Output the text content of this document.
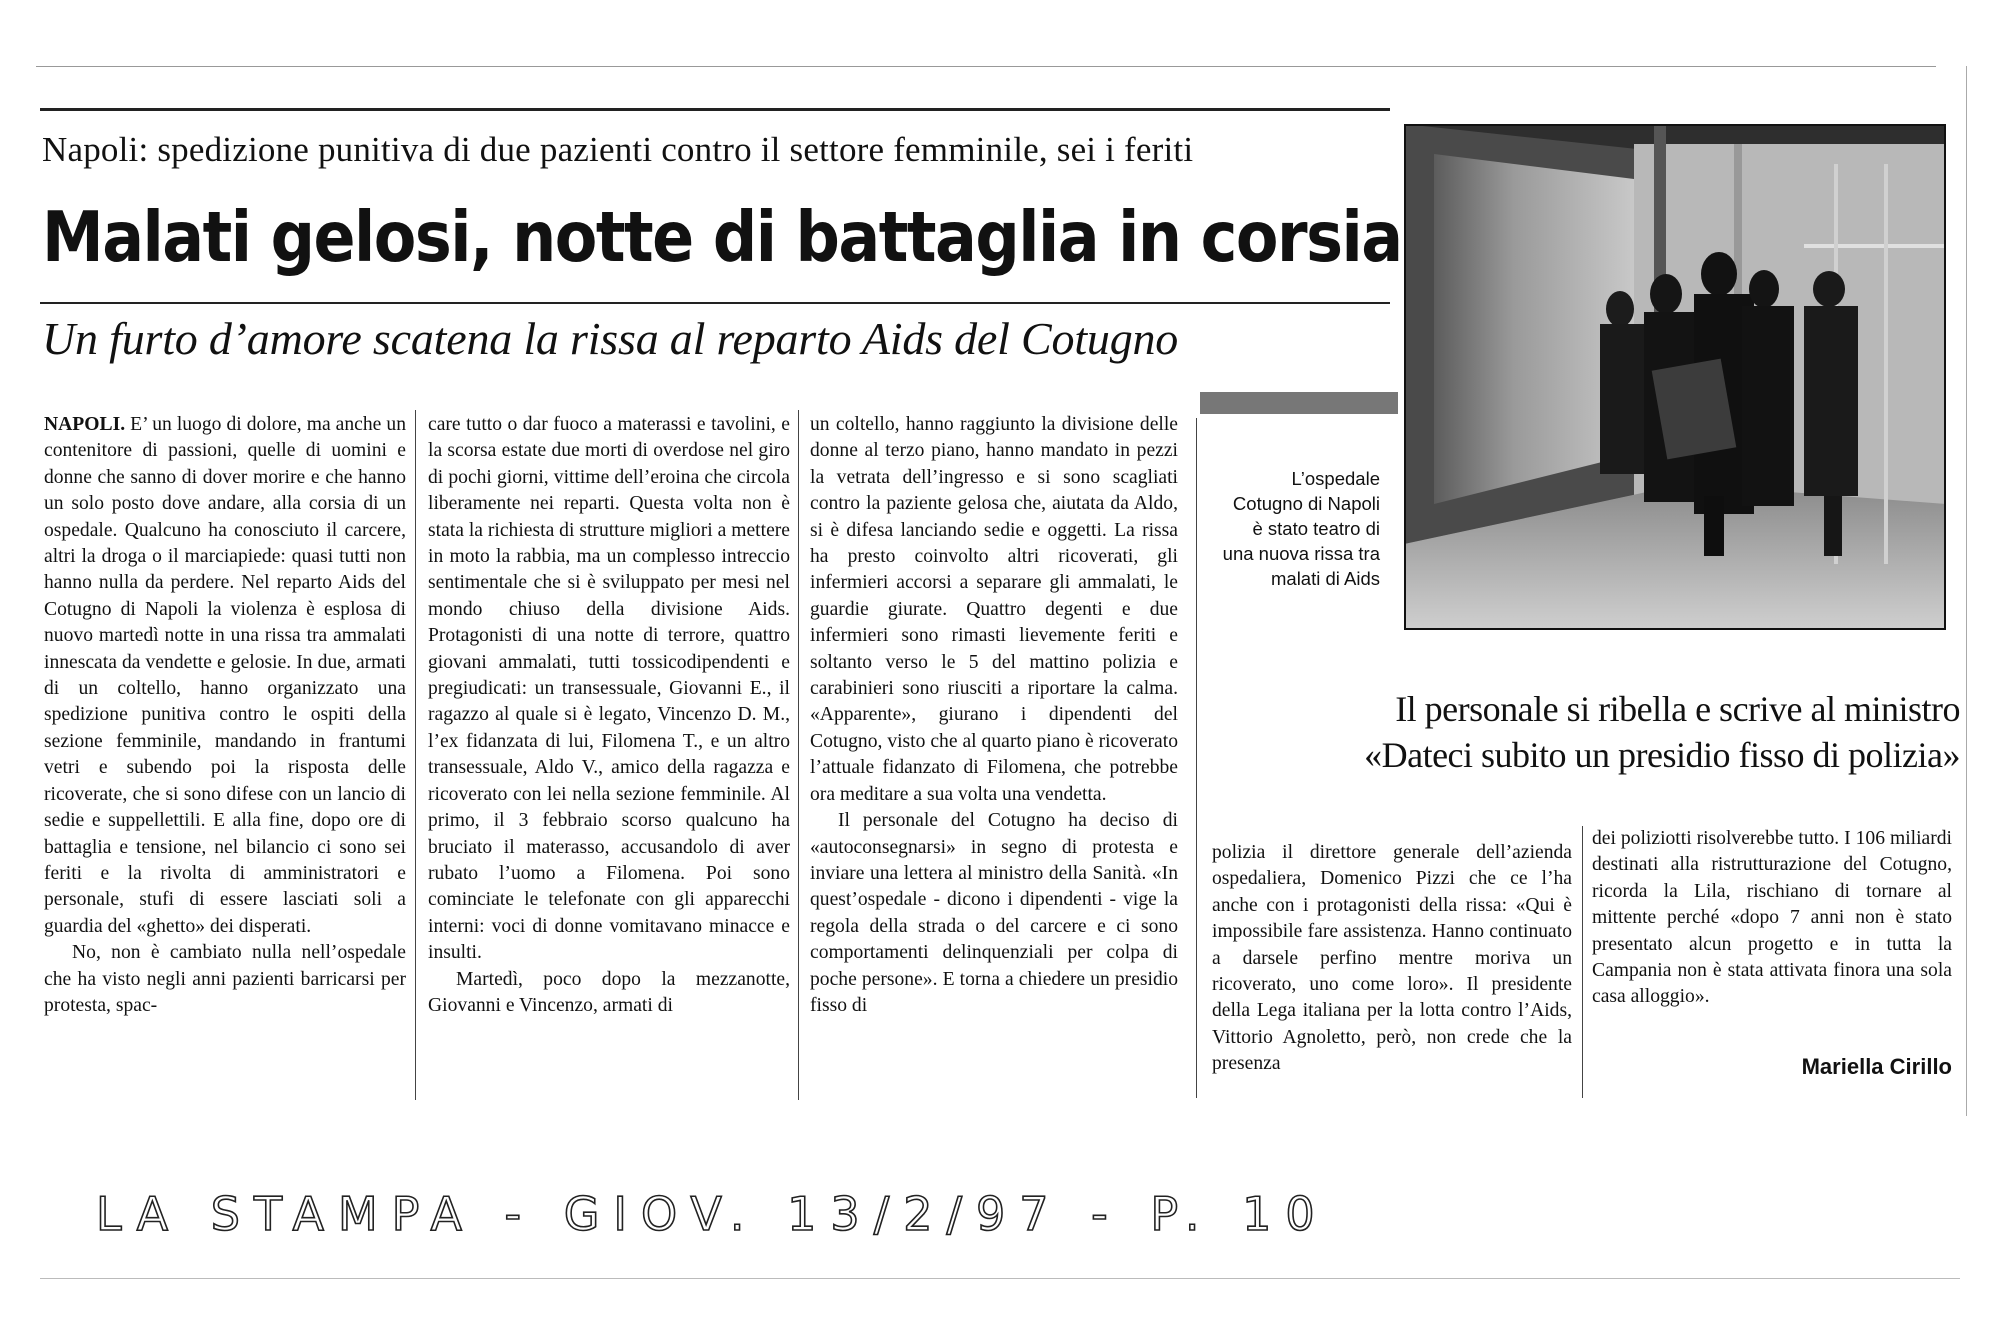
Napoli: spedizione punitiva di due pazienti contro il settore femminile, sei i feriti
Malati gelosi, notte di battaglia in corsia
Un furto d’amore scatena la rissa al reparto Aids del Cotugno

NAPOLI. E’ un luogo di dolore, ma anche un contenitore di passioni, quelle di uomini e donne che sanno di dover morire e che hanno un solo posto dove andare, alla corsia di un ospedale. Qualcuno ha conosciuto il carcere, altri la droga o il marciapiede: quasi tutti non hanno nulla da perdere. Nel reparto Aids del Cotugno di Napoli la violenza è esplosa di nuovo martedì notte in una rissa tra ammalati innescata da vendette e gelosie. In due, armati di un coltello, hanno organizzato una spedizione punitiva contro le ospiti della sezione femminile, mandando in frantumi vetri e subendo poi la risposta delle ricoverate, che si sono difese con un lancio di sedie e suppellettili. E alla fine, dopo ore di battaglia e tensione, nel bilancio ci sono sei feriti e la rivolta di amministratori e personale, stufi di essere lasciati soli a guardia del «ghetto» dei disperati.

No, non è cambiato nulla nell’ospedale che ha visto negli anni pazienti barricarsi per protesta, spac-

care tutto o dar fuoco a materassi e tavolini, e la scorsa estate due morti di overdose nel giro di pochi giorni, vittime dell’eroina che circola liberamente nei reparti. Questa volta non è stata la richiesta di strutture migliori a mettere in moto la rabbia, ma un complesso intreccio sentimentale che si è sviluppato per mesi nel mondo chiuso della divisione Aids. Protagonisti di una notte di terrore, quattro giovani ammalati, tutti tossicodipendenti e pregiudicati: un transessuale, Giovanni E., il ragazzo al quale si è legato, Vincenzo D. M., l’ex fidanzata di lui, Filomena T., e un altro transessuale, Aldo V., amico della ragazza e ricoverato con lei nella sezione femminile. Al primo, il 3 febbraio scorso qualcuno ha bruciato il materasso, accusandolo di aver rubato l’uomo a Filomena. Poi sono cominciate le telefonate con gli apparecchi interni: voci di donne vomitavano minacce e insulti.

Martedì, poco dopo la mezzanotte, Giovanni e Vincenzo, armati di

un coltello, hanno raggiunto la divisione delle donne al terzo piano, hanno mandato in pezzi la vetrata dell’ingresso e si sono scagliati contro la paziente gelosa che, aiutata da Aldo, si è difesa lanciando sedie e oggetti. La rissa ha presto coinvolto altri ricoverati, gli infermieri accorsi a separare gli ammalati, le guardie giurate. Quattro degenti e due infermieri sono rimasti lievemente feriti e soltanto verso le 5 del mattino polizia e carabinieri sono riusciti a riportare la calma. «Apparente», giurano i dipendenti del Cotugno, visto che al quarto piano è ricoverato l’attuale fidanzato di Filomena, che potrebbe ora meditare a sua volta una vendetta.

Il personale del Cotugno ha deciso di «autoconsegnarsi» in segno di protesta e inviare una lettera al ministro della Sanità. «In quest’ospedale - dicono i dipendenti - vige la regola della strada o del carcere e ci sono comportamenti delinquenziali per colpa di poche persone». E torna a chiedere un presidio fisso di

L’ospedale Cotugno di Napoli è stato teatro di una nuova rissa tra malati di Aids
Il personale si ribella e scrive al ministro
«Dateci subito un presidio fisso di polizia»

polizia il direttore generale dell’azienda ospedaliera, Domenico Pizzi che ce l’ha anche con i protagonisti della rissa: «Qui è impossibile fare assistenza. Hanno continuato a darsele perfino mentre moriva un ricoverato, uno come loro». Il presidente della Lega italiana per la lotta contro l’Aids, Vittorio Agnoletto, però, non crede che la presenza

dei poliziotti risolverebbe tutto. I 106 miliardi destinati alla ristrutturazione del Cotugno, ricorda la Lila, rischiano di tornare al mittente perché «dopo 7 anni non è stato presentato alcun progetto e in tutta la Campania non è stata attivata finora una sola casa alloggio».

Mariella Cirillo
LA STAMPA - GIOV. 13/2/97 - P. 10
